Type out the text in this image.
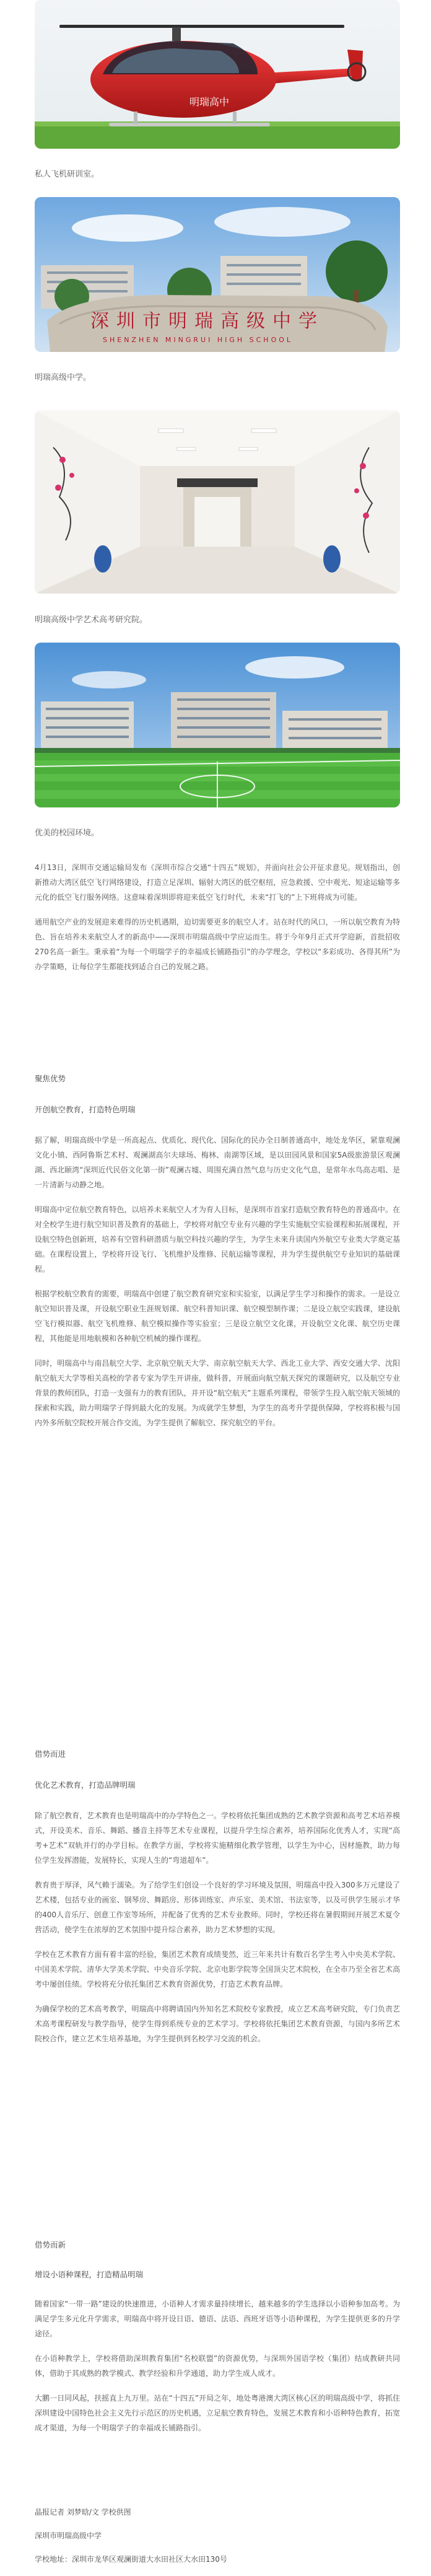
明瑞高中
私人飞机研训室。
深圳市明瑞高级中学
SHENZHEN MINGRUI HIGH SCHOOL
明瑞高级中学。
明瑞高级中学艺术高考研究院。
优美的校园环境。

4月13日，深圳市交通运输局发布《深圳市综合交通“十四五”规划》，并面向社会公开征求意见。规划指出，创新推动大湾区低空飞行网络建设，打造立足深圳、辐射大湾区的低空枢纽，应急救援、空中观光、短途运输等多元化的低空飞行服务网络。这意味着深圳即将迎来低空飞行时代，未来“打飞的”上下班将成为可能。

通用航空产业的发展迎来难得的历史机遇期，迫切需要更多的航空人才。站在时代的风口，一所以航空教育为特色、旨在培养未来航空人才的新高中——深圳市明瑞高级中学应运而生。将于今年9月正式开学迎新，首批招收270名高一新生。秉承着“为每一个明瑞学子的幸福成长铺路指引”的办学理念，学校以“多彩成功、各得其所”为办学策略，让每位学生都能找到适合自己的发展之路。

聚焦优势
开创航空教育，打造特色明瑞

据了解，明瑞高级中学是一所高起点、优质化、现代化、国际化的民办全日制普通高中，地处龙华区，紧靠观澜文化小镇、西阿鲁斯艺术村、观澜湖高尔夫球场、梅林、南湖等区域，是以田园风景和国家5A级旅游景区观澜湖、西北颐湾“深圳近代民俗文化第一街”观澜古墟、周围充满自然气息与历史文化气息，是常年水鸟高志唱、是一片清新与动静之地。

明瑞高中定位航空教育特色，以培养未来航空人才为育人目标，是深圳市首家打造航空教育特色的普通高中。在对全校学生进行航空知识普及教育的基础上，学校将对航空专业有兴趣的学生实施航空实验课程和拓展课程，开设航空特色创新班，培养有空管科研潜质与航空科技兴趣的学生，为学生未来升读国内外航空专业类大学奠定基础。在课程设置上，学校将开设飞行、飞机维护及维修、民航运输等课程，并为学生提供航空专业知识的基础课程。

根据学校航空教育的需要，明瑞高中创建了航空教育研究室和实验室，以满足学生学习和操作的需求。一是设立航空知识普及课，开设航空职业生涯规划课、航空科普知识课、航空模型制作课；二是设立航空实践课，建设航空飞行模拟器、航空飞机维修、航空模拟操作等实验室；三是设立航空文化课，开设航空文化课、航空历史课程，其他能是用地航模和各种航空机械的操作课程。

同时，明瑞高中与南昌航空大学、北京航空航天大学、南京航空航天大学、西北工业大学、西安交通大学、沈阳航空航天大学等相关高校的学者专家为学生开讲座，做科普，开展面向航空航天探究的课题研究，以及航空专业背景的教师团队，打造一支强有力的教育团队，并开设“航空航天”主题系列课程，带领学生投入航空航天领域的探索和实践，助力明瑞学子得到最大化的发展。为成就学生梦想，为学生的高考升学提供保障，学校将积极与国内外多所航空院校开展合作交流，为学生提供了解航空、探究航空的平台。

借势而进
优化艺术教育，打造品牌明瑞

除了航空教育，艺术教育也是明瑞高中的办学特色之一。学校将依托集团成熟的艺术教学资源和高考艺术培养模式，开设美术、音乐、舞蹈、播音主持等艺术专业课程，以提升学生综合素养，培养国际化优秀人才，实现“高考+艺术”双轨并行的办学目标。在教学方面，学校将实施精细化教学管理，以学生为中心，因材施教，助力每位学生发挥潜能，发展特长，实现人生的“弯道超车”。

教育贵于厚泽，风气赖于濡染。为了给学生们创设一个良好的学习环境及氛围，明瑞高中投入300多万元建设了艺术楼，包括专业的画室、钢琴房、舞蹈房、形体训练室、声乐室、美术馆、书法室等，以及可供学生展示才华的400人音乐厅、创意工作室等场所，并配备了优秀的艺术专业教师。同时，学校还将在暑假期间开展艺术夏令营活动，使学生在浓厚的艺术氛围中提升综合素养，助力艺术梦想的实现。

学校在艺术教育方面有着丰富的经验，集团艺术教育成绩斐然，近三年来共计有数百名学生考入中央美术学院、中国美术学院、清华大学美术学院、中央音乐学院、北京电影学院等全国顶尖艺术院校，在全市乃至全省艺术高考中屡创佳绩。学校将充分依托集团艺术教育资源优势，打造艺术教育品牌。

为确保学校的艺术高考教学，明瑞高中将聘请国内外知名艺术院校专家教授，成立艺术高考研究院，专门负责艺术高考课程研发与教学指导，使学生得到系统专业的艺术学习。学校将依托集团艺术教育资源，与国内多所艺术院校合作，建立艺术生培养基地，为学生提供到名校学习交流的机会。

借势而新
增设小语种课程，打造精品明瑞

随着国家“一带一路”建设的快速推进，小语种人才需求量持续增长，越来越多的学生选择以小语种参加高考。为满足学生多元化升学需求，明瑞高中将开设日语、德语、法语、西班牙语等小语种课程，为学生提供更多的升学途径。

在小语种教学上，学校将借助深圳教育集团“名校联盟”的资源优势，与深圳外国语学校（集团）结成教研共同体，借助于其成熟的教学模式、教学经验和升学通道，助力学生成人成才。

大鹏一日同风起，扶摇直上九万里。站在“十四五”开局之年，地处粤港澳大湾区核心区的明瑞高级中学，将抓住深圳建设中国特色社会主义先行示范区的历史机遇，立足航空教育特色，发展艺术教育和小语种特色教育，拓宽成才渠道，为每一个明瑞学子的幸福成长铺路指引。

晶报记者 刘梦晗/文 学校供图
深圳市明瑞高级中学
学校地址：深圳市龙华区观澜街道大水田社区大水田130号
